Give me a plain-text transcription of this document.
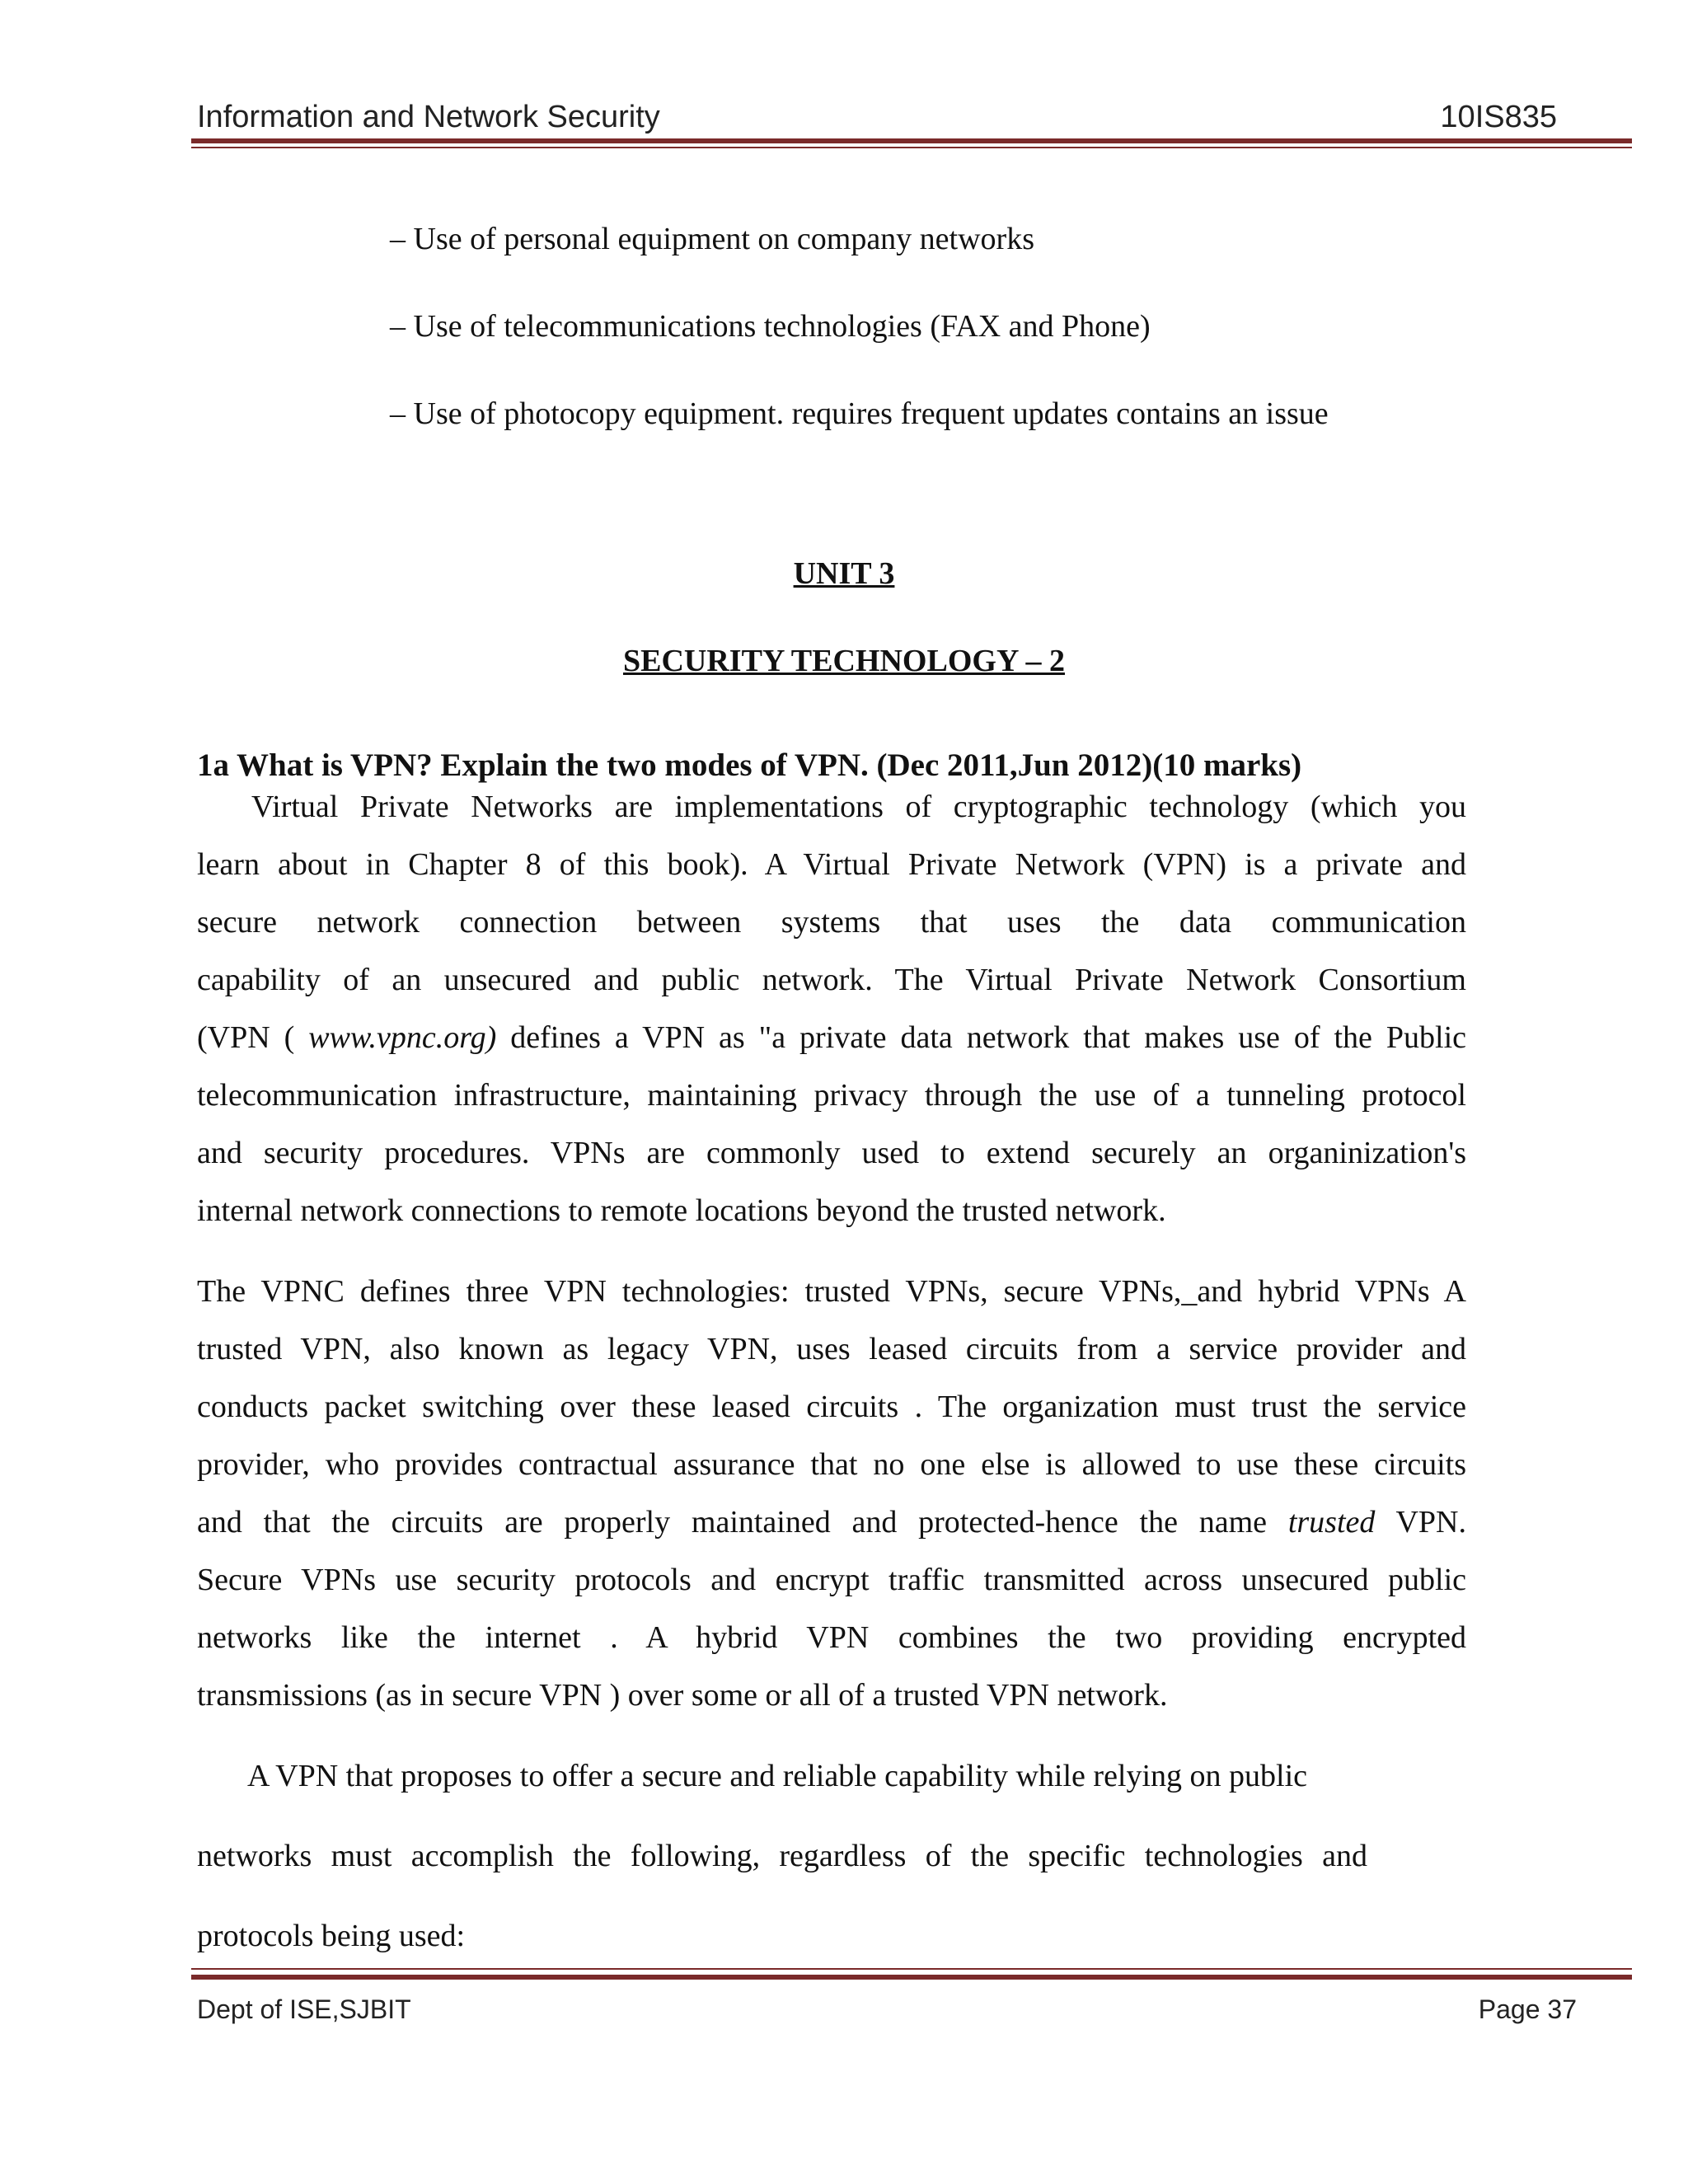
Information and Network Security	10IS835
– Use of personal equipment on company networks
– Use of telecommunications technologies (FAX and Phone)
– Use of photocopy equipment. requires frequent updates contains an issue
UNIT 3
SECURITY TECHNOLOGY – 2
1a What is VPN? Explain the two modes of VPN. (Dec 2011,Jun 2012)(10 marks)
Virtual Private Networks are implementations of cryptographic technology (which you
learn about in Chapter 8 of this book). A Virtual Private Network (VPN) is a private and
secure network connection between systems that uses the data communication
capability of an unsecured and public network. The Virtual Private Network Consortium
(VPN ( www.vpnc.org) defines a VPN as "a private data network that makes use of the Public
telecommunication infrastructure, maintaining privacy through the use of a tunneling protocol
and security procedures. VPNs are commonly used to extend securely an organinization's
internal network connections to remote locations beyond the trusted network.
The VPNC defines three VPN technologies: trusted VPNs, secure VPNs,_and hybrid VPNs A
trusted VPN, also known as legacy VPN, uses leased circuits from a service provider and
conducts packet switching over these leased circuits . The organization must trust the service
provider, who provides contractual assurance that no one else is allowed to use these circuits
and that the circuits are properly maintained and protected-hence the name trusted VPN.
Secure VPNs use security protocols and encrypt traffic transmitted across unsecured public
networks like the internet . A hybrid VPN combines the two providing encrypted
transmissions (as in secure VPN ) over some or all of a trusted VPN network.
A VPN that proposes to offer a secure and reliable capability while relying on public
networks must accomplish the following, regardless of the specific technologies and
protocols being used:
Dept of ISE,SJBIT	Page 37
